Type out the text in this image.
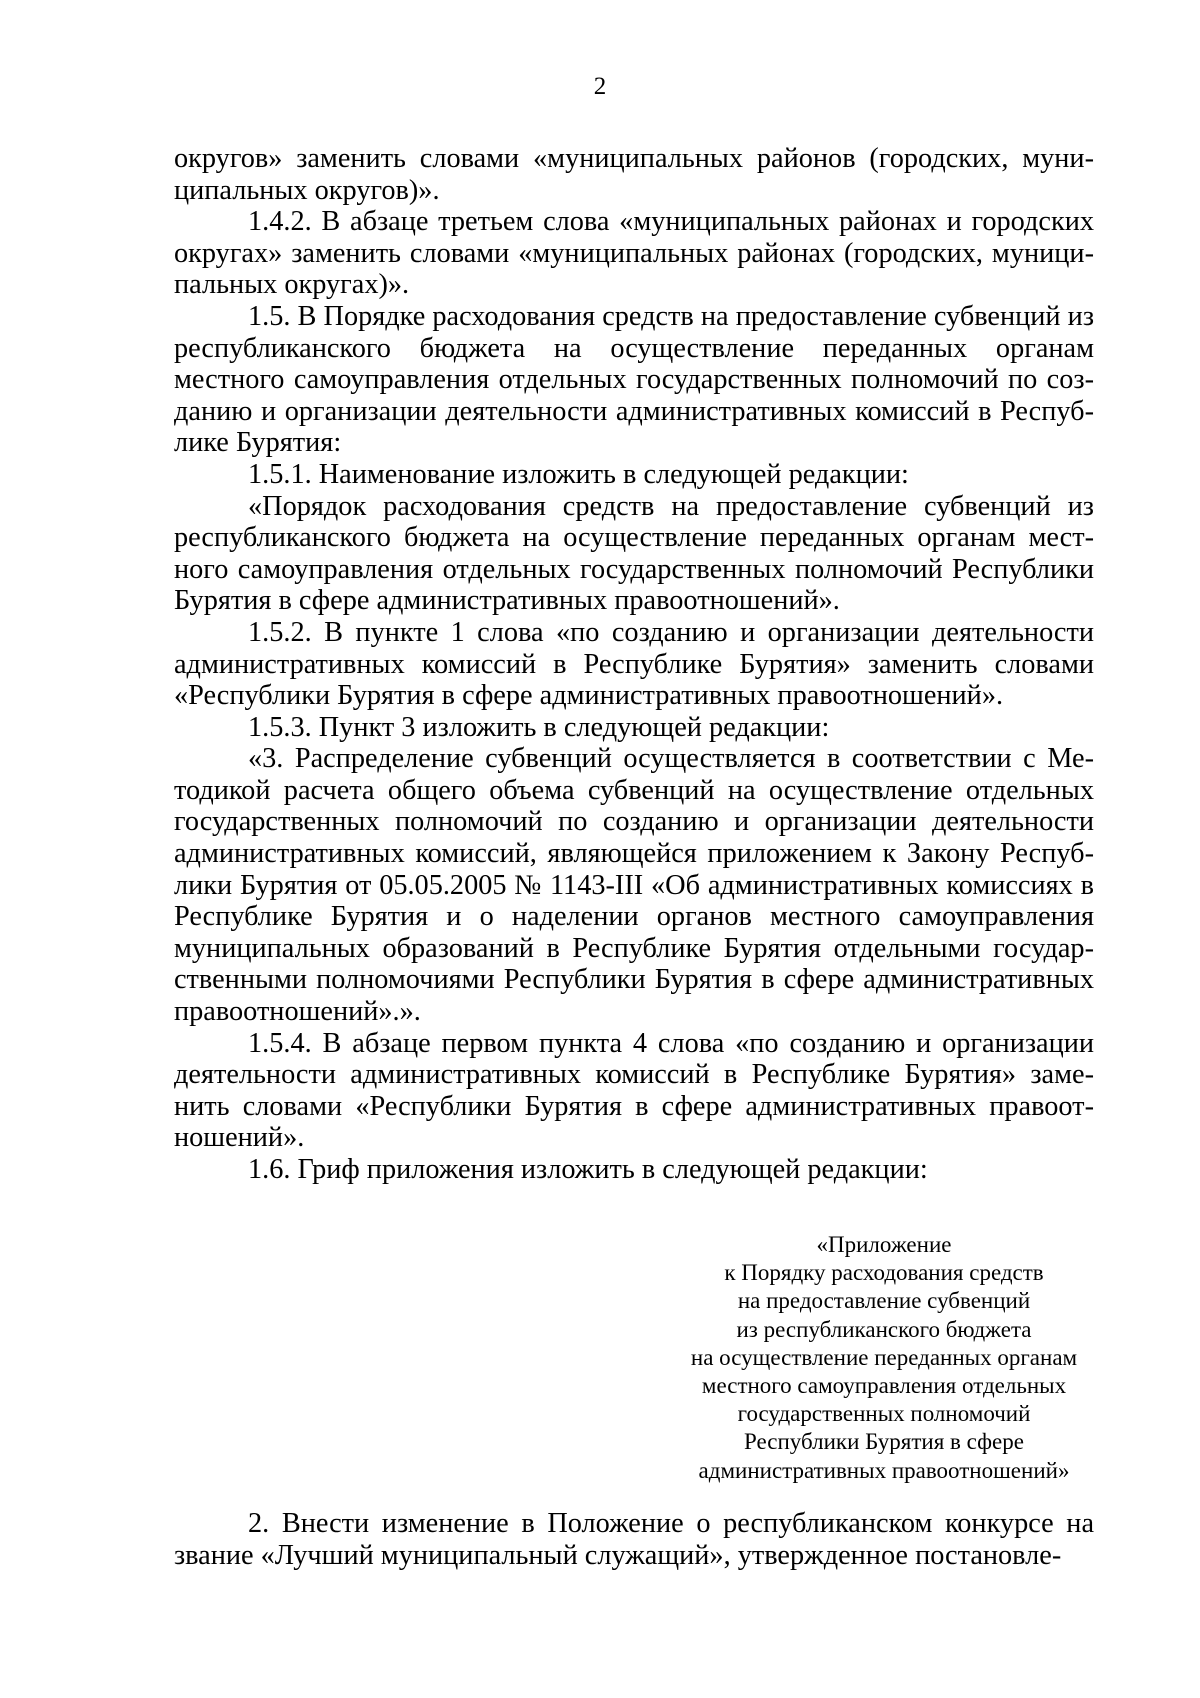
2

округов» заменить словами «муниципальных районов (городских, муниципальных округов)».

1.4.2. В абзаце третьем слова «муниципальных районах и городских округах» заменить словами «муниципальных районах (городских, муниципальных округах)».

1.5. В Порядке расходования средств на предоставление субвенций из республиканского бюджета на осуществление переданных органам местного самоуправления отдельных государственных полномочий по созданию и организации деятельности административных комиссий в Республике Бурятия:

1.5.1. Наименование изложить в следующей редакции:

«Порядок расходования средств на предоставление субвенций из республиканского бюджета на осуществление переданных органам местного самоуправления отдельных государственных полномочий Республики Бурятия в сфере административных правоотношений».

1.5.2. В пункте 1 слова «по созданию и организации деятельности административных комиссий в Республике Бурятия» заменить словами «Республики Бурятия в сфере административных правоотношений».

1.5.3. Пункт 3 изложить в следующей редакции:

«3. Распределение субвенций осуществляется в соответствии с Методикой расчета общего объема субвенций на осуществление отдельных государственных полномочий по созданию и организации деятельности административных комиссий, являющейся приложением к Закону Республики Бурятия от 05.05.2005 № 1143-III «Об административных комиссиях в Республике Бурятия и о наделении органов местного самоуправления муниципальных образований в Республике Бурятия отдельными государственными полномочиями Республики Бурятия в сфере административных правоотношений».».

1.5.4. В абзаце первом пункта 4 слова «по созданию и организации деятельности административных комиссий в Республике Бурятия» заменить словами «Республики Бурятия в сфере административных правоотношений».

1.6. Гриф приложения изложить в следующей редакции:

«Приложение
к Порядку расходования средств
на предоставление субвенций
из республиканского бюджета
на осуществление переданных органам
местного самоуправления отдельных
государственных полномочий
Республики Бурятия в сфере
административных правоотношений»

2. Внести изменение в Положение о республиканском конкурсе на звание «Лучший муниципальный служащий», утвержденное постановле-
